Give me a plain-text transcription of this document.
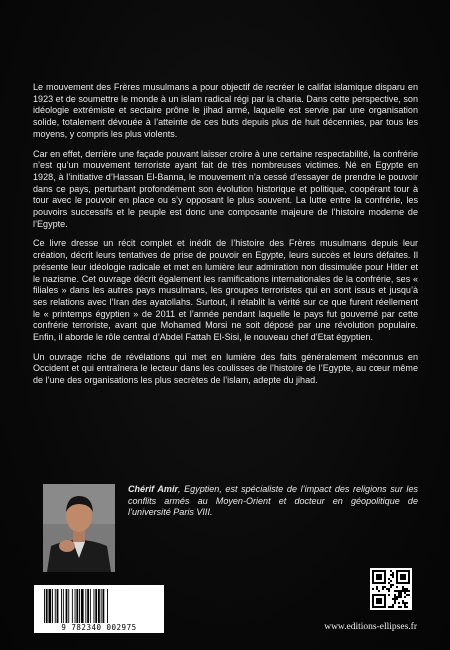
Le mouvement des Frères musulmans a pour objectif de recréer le califat islamique disparu en 1923 et de soumettre le monde à un islam radical régi par la charia. Dans cette perspective, son idéologie extrémiste et sectaire prône le jihad armé, laquelle est servie par une organisation solide, totalement dévouée à l’atteinte de ces buts depuis plus de huit décennies, par tous les moyens, y compris les plus violents.

Car en effet, derrière une façade pouvant laisser croire à une certaine respectabilité, la confrérie n’est qu’un mouvement terroriste ayant fait de très nombreuses victimes. Né en Egypte en 1928, à l’initiative d’Hassan El-Banna, le mouvement n’a cessé d’essayer de prendre le pouvoir dans ce pays, perturbant profondément son évolution historique et politique, coopérant tour à tour avec le pouvoir en place ou s’y opposant le plus souvent. La lutte entre la confrérie, les pouvoirs successifs et le peuple est donc une composante majeure de l’histoire moderne de l’Egypte.

Ce livre dresse un récit complet et inédit de l’histoire des Frères musulmans depuis leur création, décrit leurs tentatives de prise de pouvoir en Egypte, leurs succès et leurs défaites. Il présente leur idéologie radicale et met en lumière leur admiration non dissimulée pour Hitler et le nazisme. Cet ouvrage décrit également les ramifications internationales de la confrérie, ses « filiales » dans les autres pays musulmans, les groupes terroristes qui en sont issus et jusqu’à ses relations avec l’Iran des ayatollahs. Surtout, il rétablit la vérité sur ce que furent réellement le « printemps égyptien » de 2011 et l’année pendant laquelle le pays fut gouverné par cette confrérie terroriste, avant que Mohamed Morsi ne soit déposé par une révolution populaire. Enfin, il aborde le rôle central d’Abdel Fattah El-Sisi, le nouveau chef d’Etat égyptien.

Un ouvrage riche de révélations qui met en lumière des faits généralement méconnus en Occident et qui entraînera le lecteur dans les coulisses de l’histoire de l’Egypte, au cœur même de l’une des organisations les plus secrètes de l’islam, adepte du jihad.

Chérif Amir, Egyptien, est spécialiste de l’impact des religions sur les conflits armés au Moyen-Orient et docteur en géopolitique de l’université Paris VIII.
9 782340 002975	www.editions-ellipses.fr
